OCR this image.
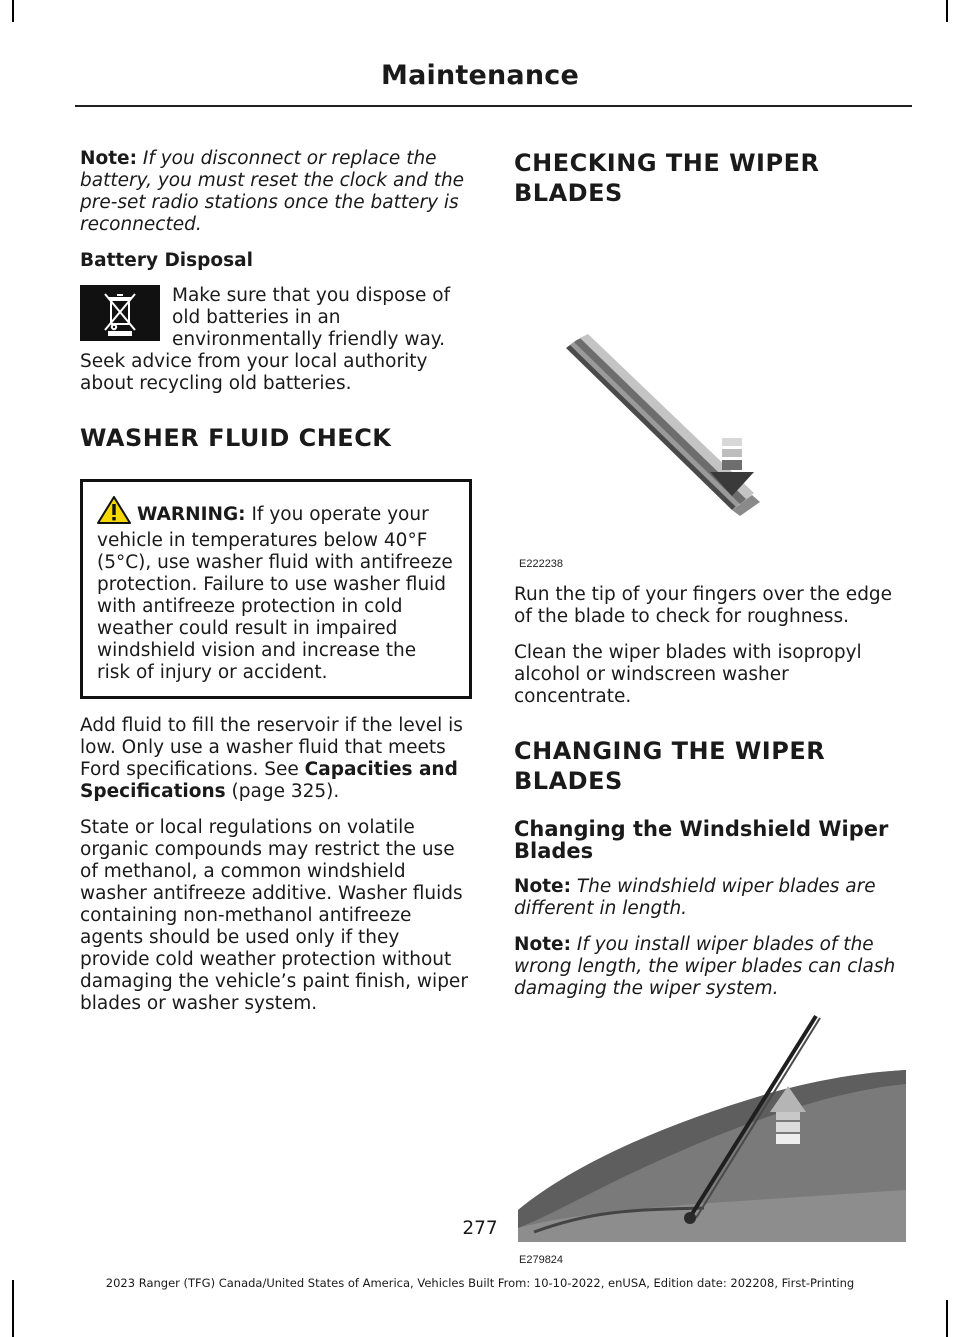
Maintenance

Note: If you disconnect or replace the battery, you must reset the clock and the pre-set radio stations once the battery is reconnected.

Battery Disposal

Make sure that you dispose of old batteries in an environmentally friendly way. Seek advice from your local authority about recycling old batteries.

WASHER FLUID CHECK

WARNING: If you operate your vehicle in temperatures below 40°F (5°C), use washer fluid with antifreeze protection. Failure to use washer fluid with antifreeze protection in cold weather could result in impaired windshield vision and increase the risk of injury or accident.

Add fluid to fill the reservoir if the level is low. Only use a washer fluid that meets Ford specifications. See Capacities and Specifications (page 325).

State or local regulations on volatile organic compounds may restrict the use of methanol, a common windshield washer antifreeze additive. Washer fluids containing non-methanol antifreeze agents should be used only if they provide cold weather protection without damaging the vehicle’s paint finish, wiper blades or washer system.

CHECKING THE WIPER
BLADES
E222238

Run the tip of your fingers over the edge of the blade to check for roughness.

Clean the wiper blades with isopropyl alcohol or windscreen washer concentrate.

CHANGING THE WIPER
BLADES
Changing the Windshield Wiper Blades

Note: The windshield wiper blades are different in length.

Note: If you install wiper blades of the wrong length, the wiper blades can clash damaging the wiper system.

E279824
277
2023 Ranger (TFG) Canada/United States of America, Vehicles Built From: 10-10-2022, enUSA, Edition date: 202208, First-Printing
